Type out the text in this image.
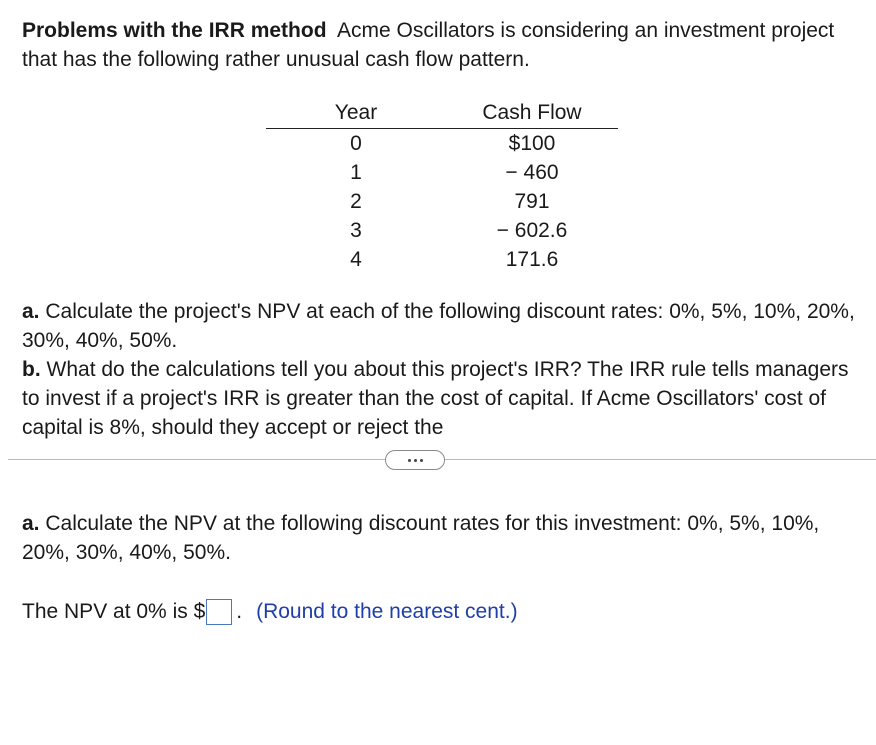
Problems with the IRR method Acme Oscillators is considering an investment project that has the following rather unusual cash flow pattern.
Year	Cash Flow
0	$100
1	− 460
2	791
3	− 602.6
4	171.6
a. Calculate the project's NPV at each of the following discount rates: 0%, 5%, 10%, 20%, 30%, 40%, 50%.
b. What do the calculations tell you about this project's IRR? The IRR rule tells managers to invest if a project's IRR is greater than the cost of capital. If Acme Oscillators' cost of capital is 8%, should they accept or reject the
a. Calculate the NPV at the following discount rates for this investment: 0%, 5%, 10%, 20%, 30%, 40%, 50%.
The NPV at 0% is $ . (Round to the nearest cent.)
